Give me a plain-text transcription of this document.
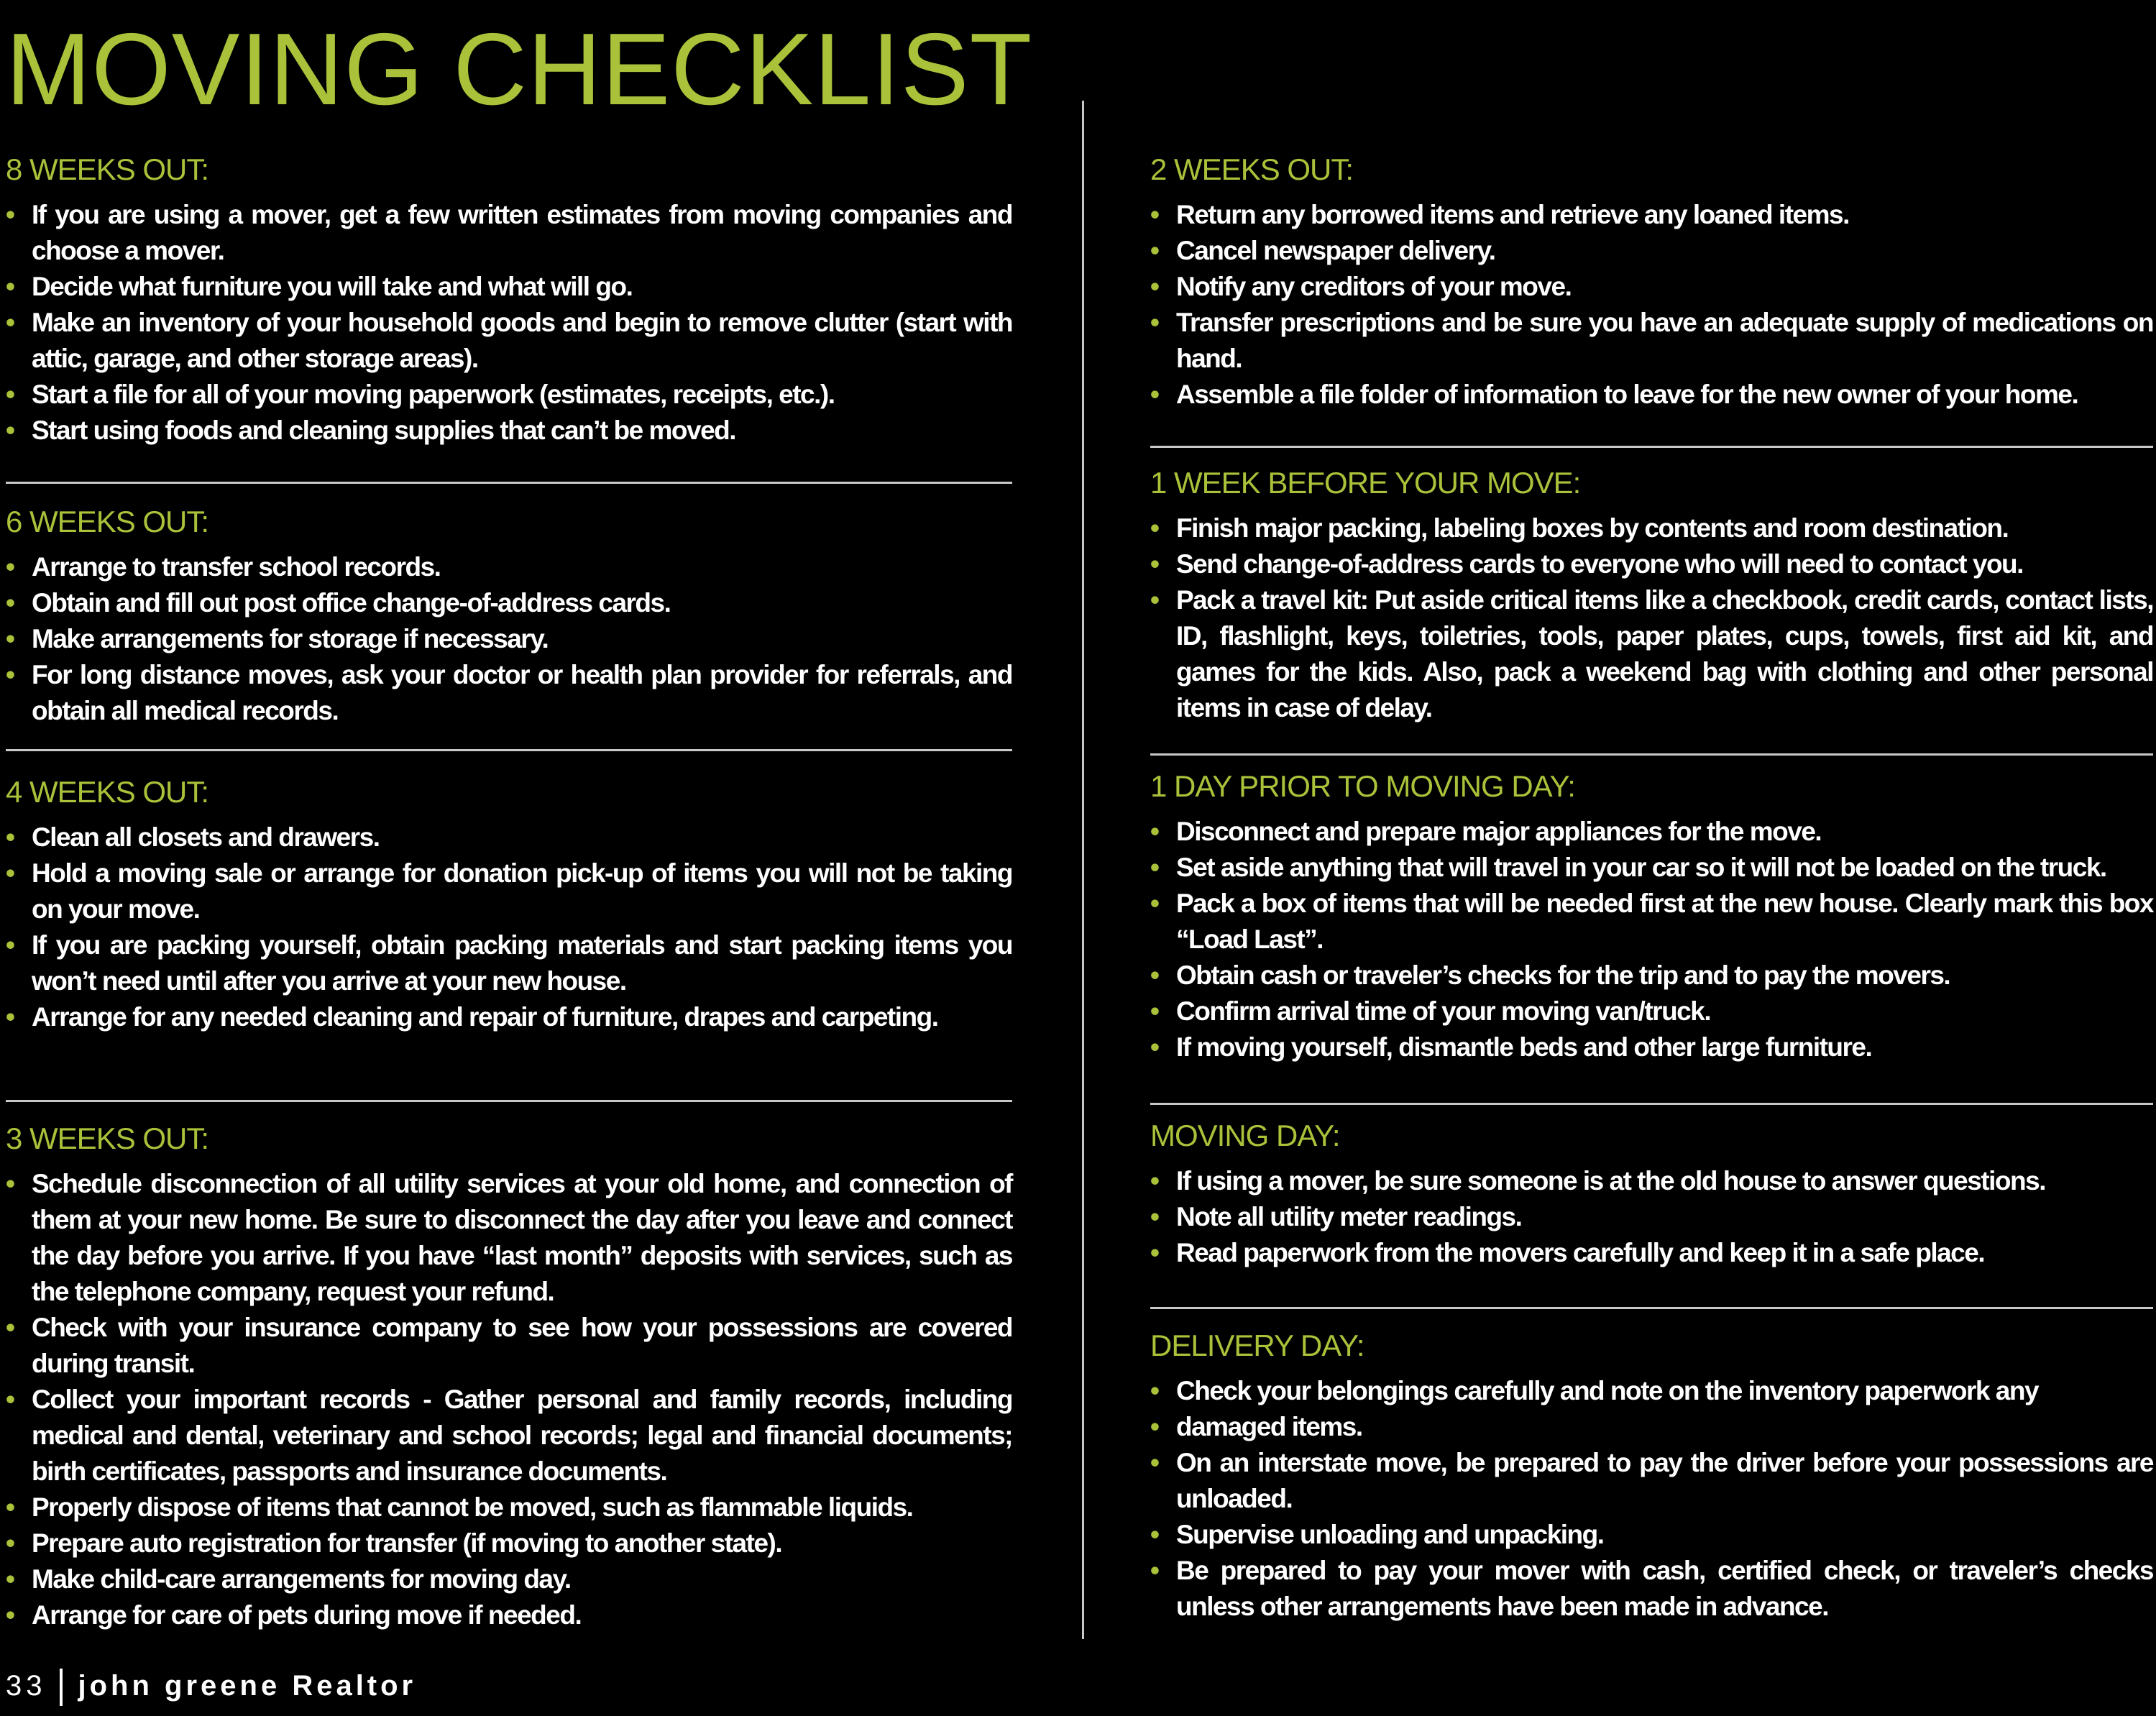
MOVING CHECKLIST
8 WEEKS OUT:
• If you are using a mover, get a few written estimates from moving companies and choose a mover.
• Decide what furniture you will take and what will go.
• Make an inventory of your household goods and begin to remove clutter (start with attic, garage, and other storage areas).
• Start a file for all of your moving paperwork (estimates, receipts, etc.).
• Start using foods and cleaning supplies that can’t be moved.
6 WEEKS OUT:
• Arrange to transfer school records.
• Obtain and fill out post office change-of-address cards.
• Make arrangements for storage if necessary.
• For long distance moves, ask your doctor or health plan provider for referrals, and obtain all medical records.
4 WEEKS OUT:
• Clean all closets and drawers.
• Hold a moving sale or arrange for donation pick-up of items you will not be taking on your move.
• If you are packing yourself, obtain packing materials and start packing items you won’t need until after you arrive at your new house.
• Arrange for any needed cleaning and repair of furniture, drapes and carpeting.
3 WEEKS OUT:
• Schedule disconnection of all utility services at your old home, and connection of them at your new home. Be sure to disconnect the day after you leave and connect the day before you arrive. If you have “last month” deposits with services, such as the telephone company, request your refund.
• Check with your insurance company to see how your possessions are covered during transit.
• Collect your important records - Gather personal and family records, including medical and dental, veterinary and school records; legal and financial documents; birth certificates, passports and insurance documents.
• Properly dispose of items that cannot be moved, such as flammable liquids.
• Prepare auto registration for transfer (if moving to another state).
• Make child-care arrangements for moving day.
• Arrange for care of pets during move if needed.
2 WEEKS OUT:
• Return any borrowed items and retrieve any loaned items.
• Cancel newspaper delivery.
• Notify any creditors of your move.
• Transfer prescriptions and be sure you have an adequate supply of medications on hand.
• Assemble a file folder of information to leave for the new owner of your home.
1 WEEK BEFORE YOUR MOVE:
• Finish major packing, labeling boxes by contents and room destination.
• Send change-of-address cards to everyone who will need to contact you.
• Pack a travel kit: Put aside critical items like a checkbook, credit cards, contact lists, ID, flashlight, keys, toiletries, tools, paper plates, cups, towels, first aid kit, and games for the kids. Also, pack a weekend bag with clothing and other personal items in case of delay.
1 DAY PRIOR TO MOVING DAY:
• Disconnect and prepare major appliances for the move.
• Set aside anything that will travel in your car so it will not be loaded on the truck.
• Pack a box of items that will be needed first at the new house. Clearly mark this box “Load Last”.
• Obtain cash or traveler’s checks for the trip and to pay the movers.
• Confirm arrival time of your moving van/truck.
• If moving yourself, dismantle beds and other large furniture.
MOVING DAY:
• If using a mover, be sure someone is at the old house to answer questions.
• Note all utility meter readings.
• Read paperwork from the movers carefully and keep it in a safe place.
DELIVERY DAY:
• Check your belongings carefully and note on the inventory paperwork any
• damaged items.
• On an interstate move, be prepared to pay the driver before your possessions are unloaded.
• Supervise unloading and unpacking.
• Be prepared to pay your mover with cash, certified check, or traveler’s checks unless other arrangements have been made in advance.
33 john greene Realtor
